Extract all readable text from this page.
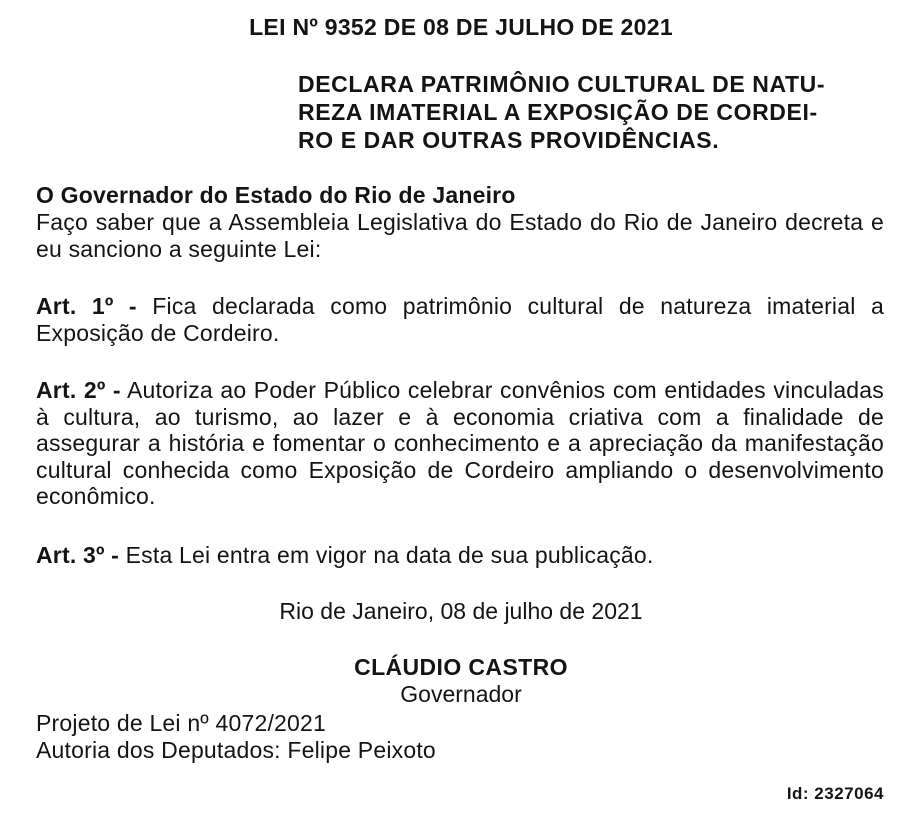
LEI Nº 9352 DE 08 DE JULHO DE 2021
DECLARA PATRIMÔNIO CULTURAL DE NATU-
REZA IMATERIAL A EXPOSIÇÃO DE CORDEI-
RO E DAR OUTRAS PROVIDÊNCIAS.

O Governador do Estado do Rio de Janeiro

Faço saber que a Assembleia Legislativa do Estado do Rio de Janeiro decreta e eu sanciono a seguinte Lei:

Art. 1º - Fica declarada como patrimônio cultural de natureza imaterial a Exposição de Cordeiro.

Art. 2º - Autoriza ao Poder Público celebrar convênios com entidades vinculadas à cultura, ao turismo, ao lazer e à economia criativa com a finalidade de assegurar a história e fomentar o conhecimento e a apreciação da manifestação cultural conhecida como Exposição de Cordeiro ampliando o desenvolvimento econômico.

Art. 3º - Esta Lei entra em vigor na data de sua publicação.

Rio de Janeiro, 08 de julho de 2021

CLÁUDIO CASTRO

Governador

Projeto de Lei nº 4072/2021

Autoria dos Deputados: Felipe Peixoto

Id: 2327064
